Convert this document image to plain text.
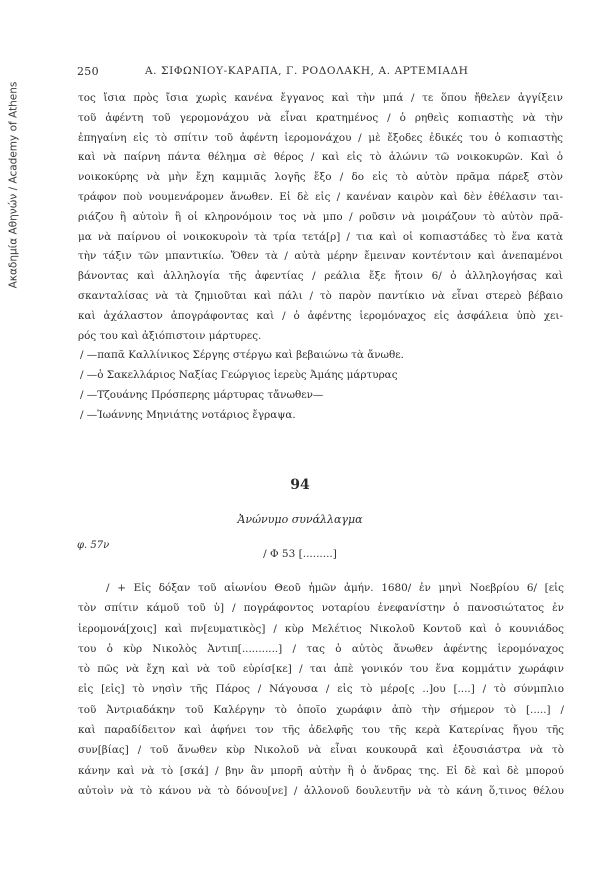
Ακαδημία Αθηνών / Academy of Athens
250	Α. ΣΙΦΩΝΙΟΥ-ΚΑΡΑΠΑ, Γ. ΡΟΔΟΛΑΚΗ, Α. ΑΡΤΕΜΙΑΔΗ
τος ἴσια πρὸς ἴσια χωρὶς κανένα ἔγγανος καὶ τὴν μπά / τε ὅπου ἤθελεν ἀγγίξειν
τοῦ ἀφέντη τοῦ γερομονάχου νὰ εἶναι κρατημένος / ὁ ρηθεὶς κοπιαστὴς νὰ τὴν
ἐπηγαίνη εἰς τὸ σπίτιν τοῦ ἀφέντη ἱερομονάχου / μὲ ἔξοδες ἐδικές του ὁ κοπιαστὴς
καὶ νὰ παίρνη πάντα θέλημα σὲ θέρος / καὶ εἰς τὸ ἁλώνιν τῶ νοικοκυρῶν. Καὶ ὁ
νοικοκύρης νὰ μὴν ἔχη καμμιᾶς λογῆς ἔξο / δο εἰς τὸ αὐτὸν πρᾶμα πάρεξ στὸν
τράφον ποὺ νουμενάρομεν ἄνωθεν. Εἰ δὲ εἰς / κανέναν καιρὸν καὶ δὲν ἐθέλασιν ται-
ριάζου ἢ αὐτοὶν ἢ οἱ κληρονόμοιν τος νὰ μπο / ροῦσιν νὰ μοιράζουν τὸ αὐτὸν πρᾶ-
μα νὰ παίρνου οἱ νοικοκυροὶν τὰ τρία τετά[ρ] / τια καὶ οἱ κοπιαστάδες τὸ ἕνα κατὰ
τὴν τάξιν τῶν μπαντικίω. Ὅθεν τὰ / αὐτὰ μέρην ἔμειναν κοντέντοιν καὶ ἀνεπαμένοι
βάνοντας καὶ ἀλληλογία τῆς ἀφεντίας / ρεάλια ἔξε ἤτοιν 6/ ὁ ἀλληλογήσας καὶ
σκανταλίσας νὰ τὰ ζημιοῦται καὶ πάλι / τὸ παρὸν παντίκιο νὰ εἶναι στερεὸ βέβαιο
καὶ ἀχάλαστον ἀπογράφοντας καὶ / ὁ ἀφέντης ἱερομόναχος εἰς ἀσφάλεια ὑπὸ χει-
ρός του καὶ ἀξιόπιστοιν μάρτυρες.
/ —παπᾶ Καλλίνικος Σέργης στέργω καὶ βεβαιώνω τὰ ἄνωθε.
/ —ὁ Σακελλάριος Ναξίας Γεώργιος ἱερεὺς Ἀμάης μάρτυρας
/ —Τζουάνης Πρόσπερης μάρτυρας τἄνωθεν—
/ —Ἰωάννης Μηνιάτης νοτάριος ἔγραψα.
94
Ἀνώνυμο συνάλλαγμα
φ. 57ν
/ Φ 53 [.........]
/ + Εἰς δόξαν τοῦ αἰωνίου Θεοῦ ἡμῶν ἀμήν. 1680/ ἐν μηνὶ Νοεβρίου 6/ [εἰς
τὸν σπίτιν κάμοῦ τοῦ ὑ] / πογράφοντος νοταρίου ἐνεφανίστην ὁ πανοσιώτατος ἐν
ἱερομονά[χοις] καὶ πν[ευματικὸς] / κὺρ Μελέτιος Νικολοῦ Κοντοῦ καὶ ὁ κουνιάδος
του ὁ κὺρ Νικολὸς Ἀντιπ[...........] / τας ὁ αὐτὸς ἄνωθεν ἀφέντης ἱερομόναχος
τὸ πῶς νὰ ἔχη καὶ νὰ τοῦ εὑρίσ[κε] / ται ἀπὲ γονικόν του ἕνα κομμάτιν χωράφιν
εἰς [εἰς] τὸ νησὶν τῆς Πάρος / Νάγουσα / εἰς τὸ μέρο[ς ..]ου [....] / τὸ σύνμπλιο
τοῦ Ἀντριαδάκην τοῦ Καλέργην τὸ ὁποῖο χωράφιν ἀπὸ τὴν σήμερον τὸ [.....] /
καὶ παραδίδειτον καὶ ἀφήνει τον τῆς ἀδελφῆς του τῆς κερὰ Κατερίνας ἤγου τῆς
συν[βίας] / τοῦ ἄνωθεν κὺρ Νικολοῦ νὰ εἶναι κουκουρᾶ καὶ ἐξουσιάστρα νὰ τὸ
κάνην καὶ νὰ τὸ [σκά] / βην ἂν μπορῆ αὐτὴν ἢ ὁ ἄνδρας της. Εἰ δὲ καὶ δὲ μπορού
αὐτοὶν νὰ τὸ κάνου νὰ τὸ δόνου[νε] / ἀλλονοῦ δουλευτῆν νὰ τὸ κάνη ὅ,τινος θέλου
